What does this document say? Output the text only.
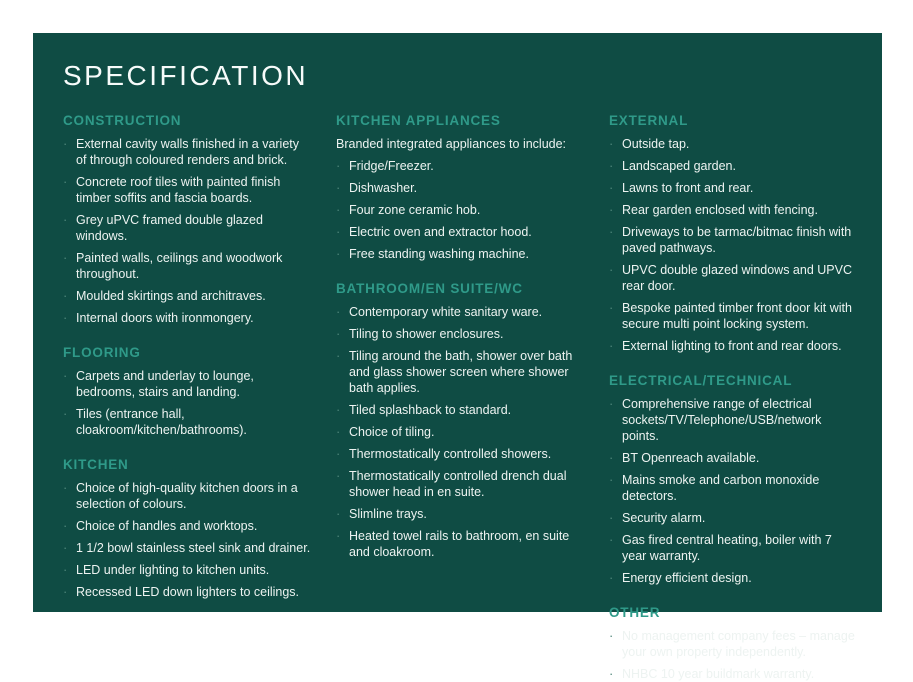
SPECIFICATION
CONSTRUCTION
· External cavity walls finished in a variety of through coloured renders and brick.
· Concrete roof tiles with painted finish timber soffits and fascia boards.
· Grey uPVC framed double glazed windows.
· Painted walls, ceilings and woodwork throughout.
· Moulded skirtings and architraves.
· Internal doors with ironmongery.
FLOORING
· Carpets and underlay to lounge, bedrooms, stairs and landing.
· Tiles (entrance hall, cloakroom/kitchen/bathrooms).
KITCHEN
· Choice of high-quality kitchen doors in a selection of colours.
· Choice of handles and worktops.
· 1 1/2 bowl stainless steel sink and drainer.
· LED under lighting to kitchen units.
· Recessed LED down lighters to ceilings.
KITCHEN APPLIANCES

Branded integrated appliances to include:

· Fridge/Freezer.
· Dishwasher.
· Four zone ceramic hob.
· Electric oven and extractor hood.
· Free standing washing machine.
BATHROOM/EN SUITE/WC
· Contemporary white sanitary ware.
· Tiling to shower enclosures.
· Tiling around the bath, shower over bath and glass shower screen where shower bath applies.
· Tiled splashback to standard.
· Choice of tiling.
· Thermostatically controlled showers.
· Thermostatically controlled drench dual shower head in en suite.
· Slimline trays.
· Heated towel rails to bathroom, en suite and cloakroom.
EXTERNAL
· Outside tap.
· Landscaped garden.
· Lawns to front and rear.
· Rear garden enclosed with fencing.
· Driveways to be tarmac/bitmac finish with paved pathways.
· UPVC double glazed windows and UPVC rear door.
· Bespoke painted timber front door kit with secure multi point locking system.
· External lighting to front and rear doors.
ELECTRICAL/TECHNICAL
· Comprehensive range of electrical sockets/TV/Telephone/USB/network points.
· BT Openreach available.
· Mains smoke and carbon monoxide detectors.
· Security alarm.
· Gas fired central heating, boiler with 7 year warranty.
· Energy efficient design.
OTHER
· No management company fees – manage your own property independently.
· NHBC 10 year buildmark warranty.
